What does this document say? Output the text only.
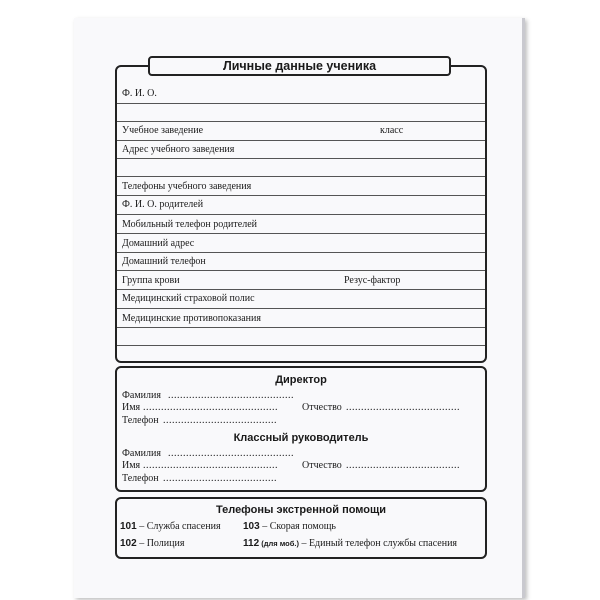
Личные данные ученика
Ф. И. О.
Учебное заведение	класс
Адрес учебного заведения
Телефоны учебного заведения
Ф. И. О. родителей
Мобильный телефон родителей
Домашний адрес
Домашний телефон
Группа крови	Резус-фактор
Медицинский страховой полис
Медицинские противопоказания
Директор
Фамилия ..........................................
Имя .............................................	Отчество ......................................
Телефон ......................................
Классный руководитель
Фамилия ..........................................
Имя .............................................	Отчество ......................................
Телефон ......................................
Телефоны экстренной помощи
101 – Служба спасения 103 – Скорая помощь
102 – Полиция	112 (для моб.) – Единый телефон службы спасения
